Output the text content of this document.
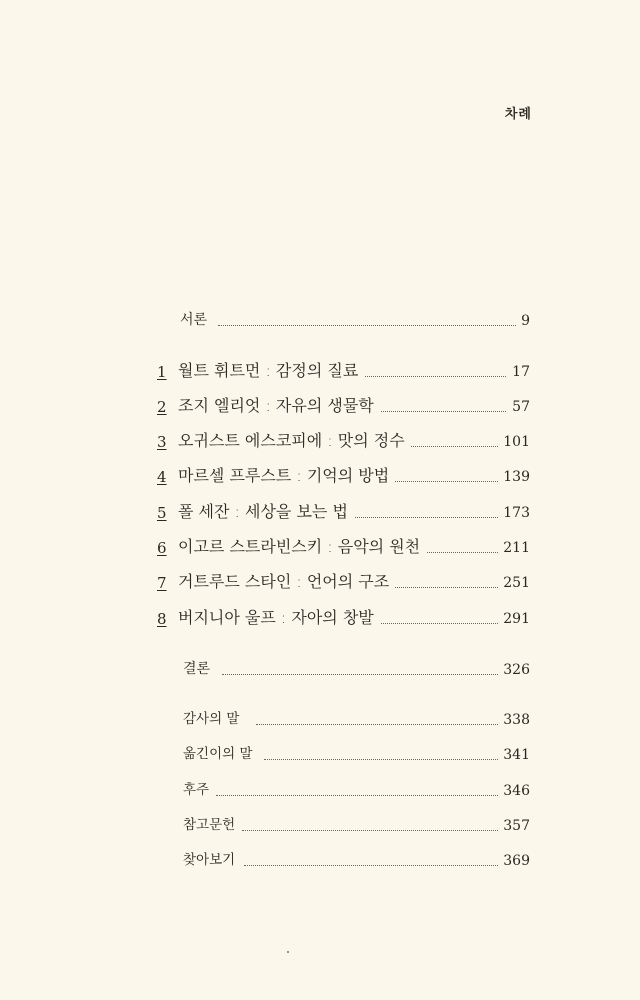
차례
서론	9
1 월트 휘트먼 : 감정의 질료	17
2 조지 엘리엇 : 자유의 생물학	57
3 오귀스트 에스코피에 : 맛의 정수	101
4 마르셀 프루스트 : 기억의 방법	139
5 폴 세잔 : 세상을 보는 법	173
6 이고르 스트라빈스키 : 음악의 원천	211
7 거트루드 스타인 : 언어의 구조	251
8 버지니아 울프 : 자아의 창발	291
결론	326
감사의 말	338
옮긴이의 말	341
후주	346
참고문헌	357
찾아보기	369
